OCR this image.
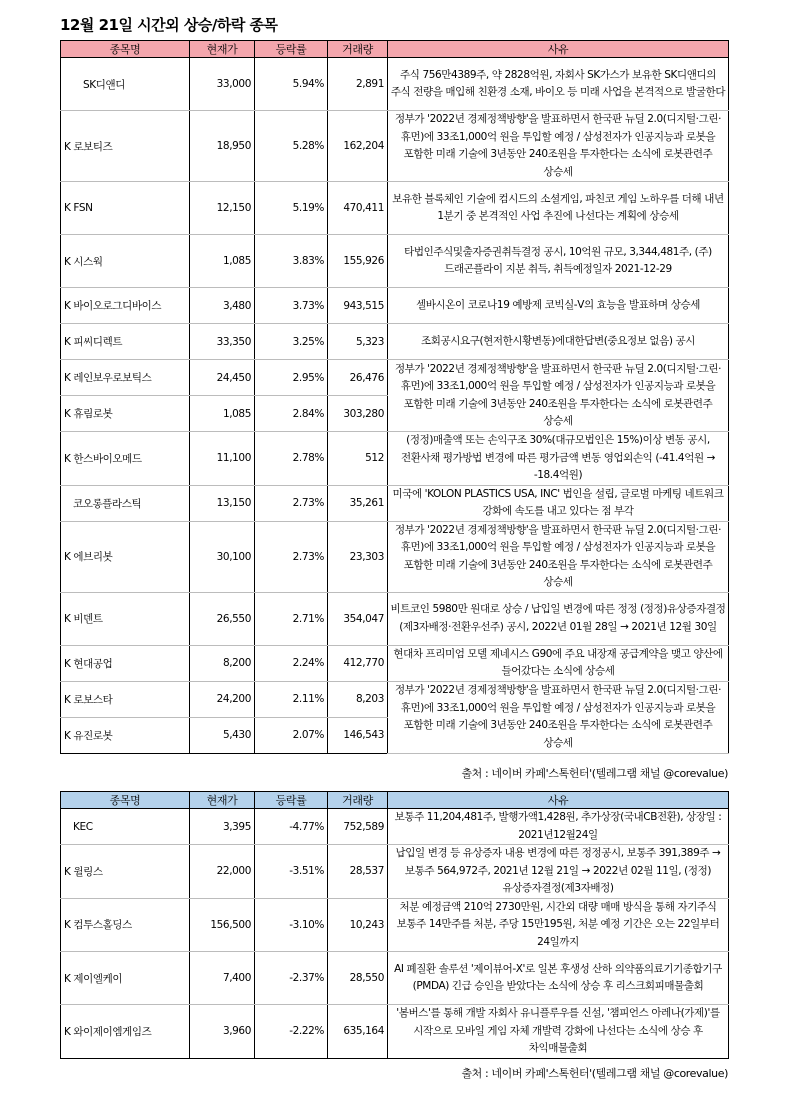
12월 21일 시간외 상승/하락 종목
종목명	현재가	등락률	거래량	사유
SK디앤디	33,000	5.94%	2,891	주식 756만4389주, 약 2828억원, 자회사 SK가스가 보유한 SK디앤디의 주식 전량을 매입해 친환경 소재, 바이오 등 미래 사업을 본격적으로 발굴한다
K 로보티즈	18,950	5.28%	162,204	정부가 '2022년 경제정책방향'을 발표하면서 한국판 뉴딜 2.0(디지털·그린·휴먼)에 33조1,000억 원을 투입할 예정 / 삼성전자가 인공지능과 로봇을 포함한 미래 기술에 3년동안 240조원을 투자한다는 소식에 로봇관련주 상승세
K FSN	12,150	5.19%	470,411	보유한 블록체인 기술에 컴시드의 소셜게임, 파친코 게임 노하우를 더해 내년 1분기 중 본격적인 사업 추진에 나선다는 계획에 상승세
K 시스웍	1,085	3.83%	155,926	타법인주식및출자증권취득결정 공시, 10억원 규모, 3,344,481주, (주)드래곤플라이 지분 취득, 취득예정일자 2021-12-29
K 바이오로그디바이스	3,480	3.73%	943,515	셀바시온이 코로나19 예방제 코빅실-V의 효능을 발표하며 상승세
K 피씨디렉트	33,350	3.25%	5,323	조회공시요구(현저한시황변동)에대한답변(중요정보 없음) 공시
K 레인보우로보틱스	24,450	2.95%	26,476	정부가 '2022년 경제정책방향'을 발표하면서 한국판 뉴딜 2.0(디지털·그린·휴먼)에 33조1,000억 원을 투입할 예정 / 삼성전자가 인공지능과 로봇을 포함한 미래 기술에 3년동안 240조원을 투자한다는 소식에 로봇관련주 상승세
K 휴림로봇	1,085	2.84%	303,280	
K 한스바이오메드	11,100	2.78%	512	(정정)매출액 또는 손익구조 30%(대규모법인은 15%)이상 변동 공시, 전환사채 평가방법 변경에 따른 평가금액 변동 영업외손익 (-41.4억원 → -18.4억원)
코오롱플라스틱	13,150	2.73%	35,261	미국에 'KOLON PLASTICS USA, INC' 법인을 설립, 글로벌 마케팅 네트워크 강화에 속도를 내고 있다는 점 부각
K 에브리봇	30,100	2.73%	23,303	정부가 '2022년 경제정책방향'을 발표하면서 한국판 뉴딜 2.0(디지털·그린·휴먼)에 33조1,000억 원을 투입할 예정 / 삼성전자가 인공지능과 로봇을 포함한 미래 기술에 3년동안 240조원을 투자한다는 소식에 로봇관련주 상승세
K 비덴트	26,550	2.71%	354,047	비트코인 5980만 원대로 상승 / 납입일 변경에 따른 정정 (정정)유상증자결정(제3자배정·전환우선주) 공시, 2022년 01월 28일 → 2021년 12월 30일
K 현대공업	8,200	2.24%	412,770	현대차 프리미엄 모델 제네시스 G90에 주요 내장재 공급계약을 맺고 양산에 들어갔다는 소식에 상승세
K 로보스타	24,200	2.11%	8,203	정부가 '2022년 경제정책방향'을 발표하면서 한국판 뉴딜 2.0(디지털·그린·휴먼)에 33조1,000억 원을 투입할 예정 / 삼성전자가 인공지능과 로봇을 포함한 미래 기술에 3년동안 240조원을 투자한다는 소식에 로봇관련주 상승세
K 유진로봇	5,430	2.07%	146,543	
출처 : 네이버 카페'스톡헌터'(텔레그램 채널 @corevalue)
종목명	현재가	등락률	거래량	사유
KEC	3,395	-4.77%	752,589	보통주 11,204,481주, 발행가액1,428원, 추가상장(국내CB전환), 상장일 : 2021년12월24일
K 윌링스	22,000	-3.51%	28,537	납입일 변경 등 유상증자 내용 변경에 따른 정정공시, 보통주 391,389주 → 보통주 564,972주, 2021년 12월 21일 → 2022년 02월 11일, (정정)유상증자결정(제3자배정)
K 컴투스홀딩스	156,500	-3.10%	10,243	처분 예정금액 210억 2730만원, 시간외 대량 매매 방식을 통해 자기주식 보통주 14만주를 처분, 주당 15만195원, 처분 예정 기간은 오는 22일부터 24일까지
K 제이엘케이	7,400	-2.37%	28,550	AI 폐질환 솔루션 '제이뷰어-X'로 일본 후생성 산하 의약품의료기기종합기구(PMDA) 긴급 승인을 받았다는 소식에 상승 후 리스크회피매물출회
K 와이제이엠게임즈	3,960	-2.22%	635,164	'봄버스'를 통해 개발 자회사 유니플루우를 신설, '챔피언스 아레나(가제)'를 시작으로 모바일 게임 자체 개발력 강화에 나선다는 소식에 상승 후 차익매물출회
출처 : 네이버 카페'스톡헌터'(텔레그램 채널 @corevalue)
